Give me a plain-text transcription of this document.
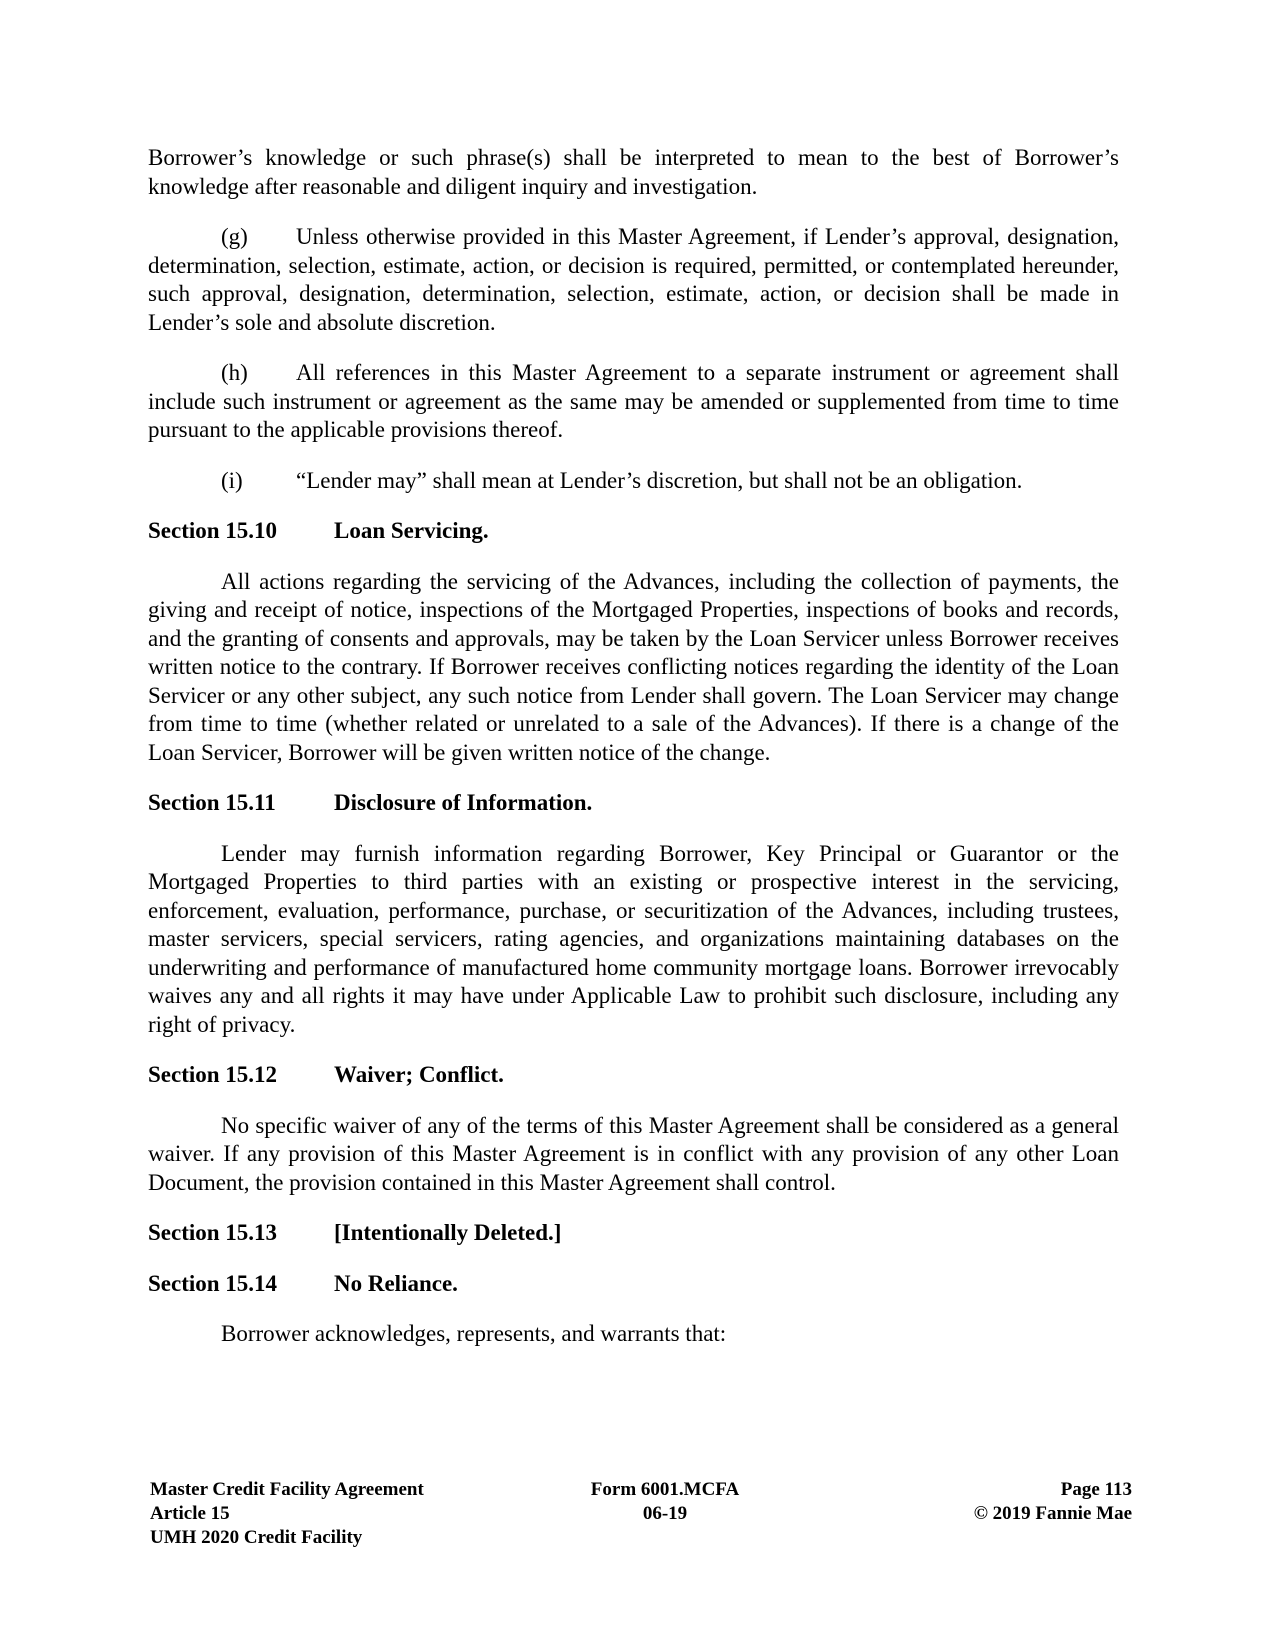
Borrower’s knowledge or such phrase(s) shall be interpreted to mean to the best of Borrower’s knowledge after reasonable and diligent inquiry and investigation.

(g) Unless otherwise provided in this Master Agreement, if Lender’s approval, designation, determination, selection, estimate, action, or decision is required, permitted, or contemplated hereunder, such approval, designation, determination, selection, estimate, action, or decision shall be made in Lender’s sole and absolute discretion.

(h) All references in this Master Agreement to a separate instrument or agreement shall include such instrument or agreement as the same may be amended or supplemented from time to time pursuant to the applicable provisions thereof.

(i) “Lender may” shall mean at Lender’s discretion, but shall not be an obligation.

Section 15.10 Loan Servicing.

All actions regarding the servicing of the Advances, including the collection of payments, the giving and receipt of notice, inspections of the Mortgaged Properties, inspections of books and records, and the granting of consents and approvals, may be taken by the Loan Servicer unless Borrower receives written notice to the contrary. If Borrower receives conflicting notices regarding the identity of the Loan Servicer or any other subject, any such notice from Lender shall govern. The Loan Servicer may change from time to time (whether related or unrelated to a sale of the Advances). If there is a change of the Loan Servicer, Borrower will be given written notice of the change.

Section 15.11	Disclosure of Information.

Lender may furnish information regarding Borrower, Key Principal or Guarantor or the Mortgaged Properties to third parties with an existing or prospective interest in the servicing, enforcement, evaluation, performance, purchase, or securitization of the Advances, including trustees, master servicers, special servicers, rating agencies, and organizations maintaining databases on the underwriting and performance of manufactured home community mortgage loans. Borrower irrevocably waives any and all rights it may have under Applicable Law to prohibit such disclosure, including any right of privacy.

Section 15.12 Waiver; Conflict.

No specific waiver of any of the terms of this Master Agreement shall be considered as a general waiver. If any provision of this Master Agreement is in conflict with any provision of any other Loan Document, the provision contained in this Master Agreement shall control.

Section 15.13 [Intentionally Deleted.]
Section 15.14 No Reliance.

Borrower acknowledges, represents, and warrants that:

Master Credit Facility Agreement
Article 15
UMH 2020 Credit Facility
Form 6001.MCFA
06-19
Page 113
© 2019 Fannie Mae
